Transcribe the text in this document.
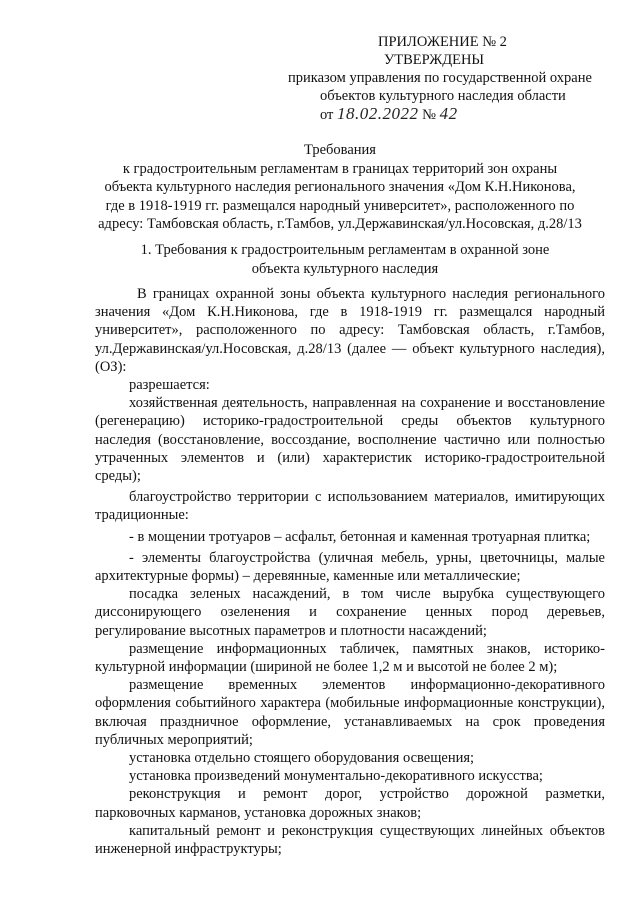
ПРИЛОЖЕНИЕ № 2
УТВЕРЖДЕНЫ
приказом управления по государственной охране
объектов культурного наследия области
от 18.02.2022 № 42
Требования
к градостроительным регламентам в границах территорий зон охраны
объекта культурного наследия регионального значения «Дом К.Н.Никонова,
где в 1918-1919 гг. размещался народный университет», расположенного по
адресу: Тамбовская область, г.Тамбов, ул.Державинская/ул.Носовская, д.28/13
1. Требования к градостроительным регламентам в охранной зоне
объекта культурного наследия

В границах охранной зоны объекта культурного наследия регионального значения «Дом К.Н.Никонова, где в 1918-1919 гг. размещался народный университет», расположенного по адресу: Тамбовская область, г.Тамбов, ул.Державинская/ул.Носовская, д.28/13 (далее — объект культурного наследия), (ОЗ):

разрешается:

хозяйственная деятельность, направленная на сохранение и восстановление (регенерацию) историко-градостроительной среды объектов культурного наследия (восстановление, воссоздание, восполнение частично или полностью утраченных элементов и (или) характеристик историко-градостроительной среды);

благоустройство территории с использованием материалов, имитирующих традиционные:

- в мощении тротуаров – асфальт, бетонная и каменная тротуарная плитка;

- элементы благоустройства (уличная мебель, урны, цветочницы, малые архитектурные формы) – деревянные, каменные или металлические;

посадка зеленых насаждений, в том числе вырубка существующего диссонирующего озеленения и сохранение ценных пород деревьев, регулирование высотных параметров и плотности насаждений;

размещение информационных табличек, памятных знаков, историко-культурной информации (шириной не более 1,2 м и высотой не более 2 м);

размещение временных элементов информационно-декоративного оформления событийного характера (мобильные информационные конструкции), включая праздничное оформление, устанавливаемых на срок проведения публичных мероприятий;

установка отдельно стоящего оборудования освещения;

установка произведений монументально-декоративного искусства;

реконструкция и ремонт дорог, устройство дорожной разметки, парковочных карманов, установка дорожных знаков;

капитальный ремонт и реконструкция существующих линейных объектов инженерной инфраструктуры;
